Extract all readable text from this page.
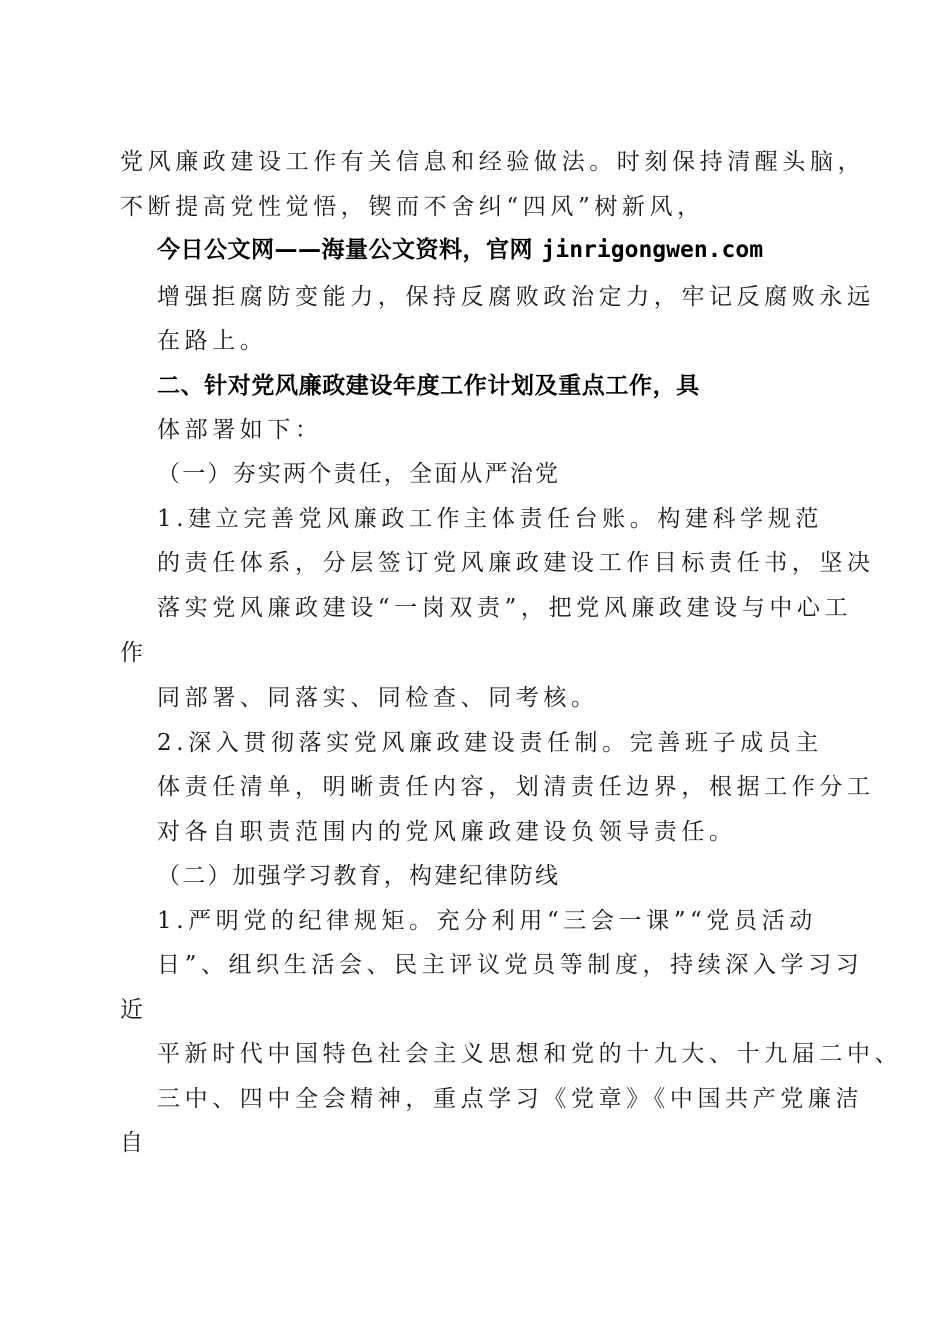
党风廉政建设工作有关信息和经验做法。时刻保持清醒头脑，
不断提高党性觉悟，锲而不舍纠“四风”树新风，
今日公文网——海量公文资料，官网 jinrigongwen.com
增强拒腐防变能力，保持反腐败政治定力，牢记反腐败永远
在路上。
二、针对党风廉政建设年度工作计划及重点工作，具
体部署如下：
（一）夯实两个责任，全面从严治党
1.建立完善党风廉政工作主体责任台账。构建科学规范
的责任体系，分层签订党风廉政建设工作目标责任书，坚决
落实党风廉政建设“一岗双责”，把党风廉政建设与中心工
作
同部署、同落实、同检查、同考核。
2.深入贯彻落实党风廉政建设责任制。完善班子成员主
体责任清单，明晰责任内容，划清责任边界，根据工作分工
对各自职责范围内的党风廉政建设负领导责任。
（二）加强学习教育，构建纪律防线
1.严明党的纪律规矩。充分利用“三会一课”“党员活动
日”、组织生活会、民主评议党员等制度，持续深入学习习
近
平新时代中国特色社会主义思想和党的十九大、十九届二中、
三中、四中全会精神，重点学习《党章》《中国共产党廉洁
自
